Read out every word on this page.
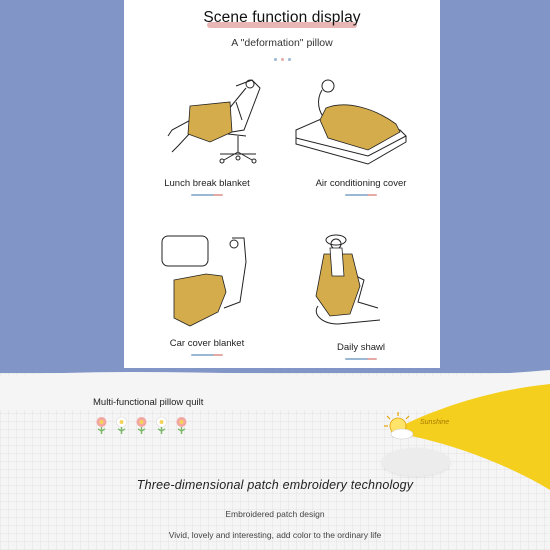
Scene function display
A "deformation" pillow
Lunch break blanket	Air conditioning cover
Car cover blanket	Daily shawl
Multi-functional pillow quilt
Sunshine
Three-dimensional patch embroidery technology
Embroidered patch design
Vivid, lovely and interesting, add color to the ordinary life
